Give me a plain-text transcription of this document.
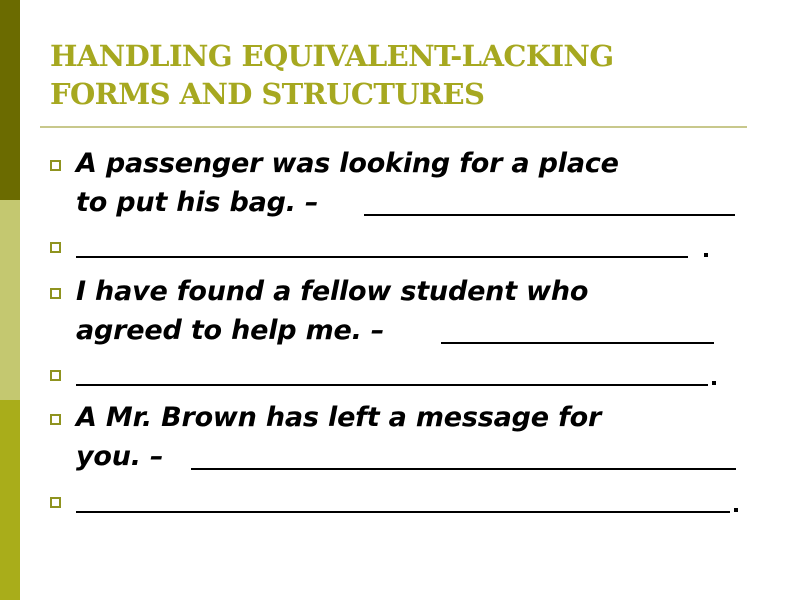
HANDLING EQUIVALENT-LACKING
FORMS AND STRUCTURES

A passenger was looking for a place
to put his bag. –

I have found a fellow student who
agreed to help me. –

A Mr. Brown has left a message for
you. –
